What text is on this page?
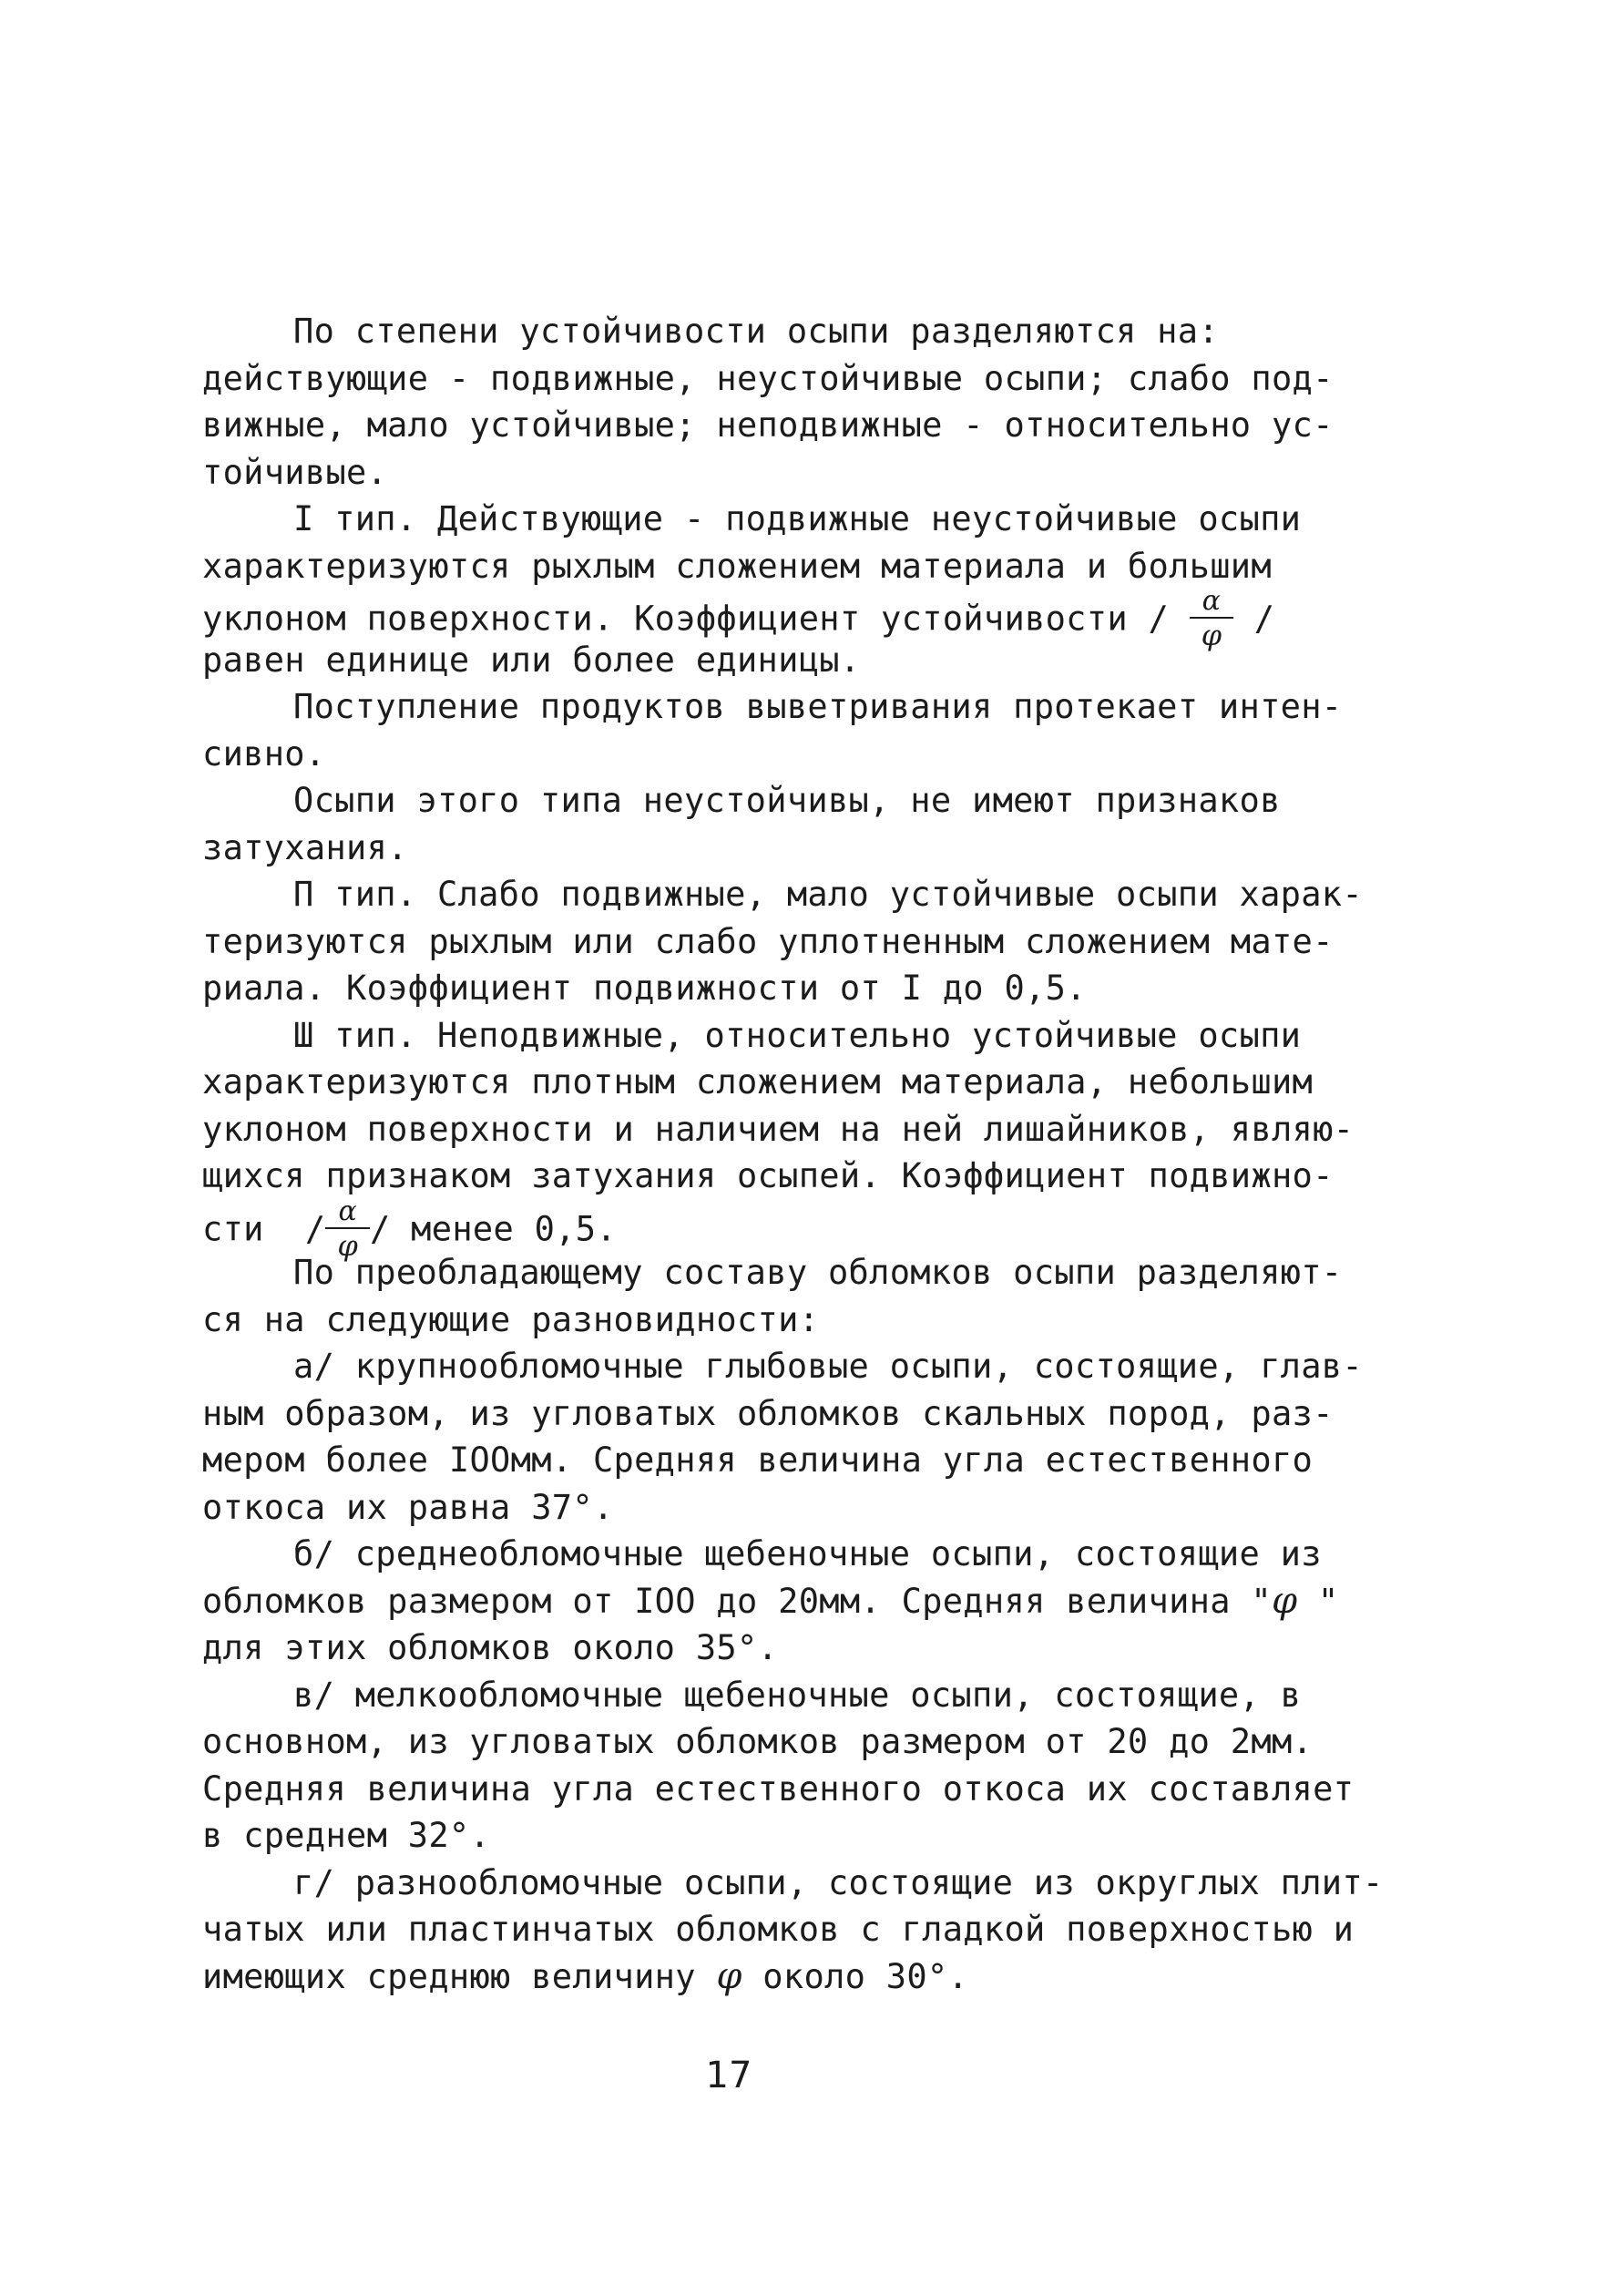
По степени устойчивости осыпи разделяются на:
действующие - подвижные, неустойчивые осыпи; слабо под-
вижные, мало устойчивые; неподвижные - относительно ус-
тойчивые.
I тип. Действующие - подвижные неустойчивые осыпи
характеризуются рыхлым сложением материала и большим
уклоном поверхности. Коэффициент устойчивости / $\frac{\alpha}{\varphi}$ /
равен единице или более единицы.
Поступление продуктов выветривания протекает интен-
сивно.
Осыпи этого типа неустойчивы, не имеют признаков
затухания.
П тип. Слабо подвижные, мало устойчивые осыпи харак-
теризуются рыхлым или слабо уплотненным сложением мате-
риала. Коэффициент подвижности от I до 0,5.
Ш тип. Неподвижные, относительно устойчивые осыпи
характеризуются плотным сложением материала, небольшим
уклоном поверхности и наличием на ней лишайников, являю-
щихся признаком затухания осыпей. Коэффициент подвижно-
сти  / $\frac{\alpha}{\varphi}$ / менее 0,5.
По преобладающему составу обломков осыпи разделяют-
ся на следующие разновидности:
а/ крупнообломочные глыбовые осыпи, состоящие, глав-
ным образом, из угловатых обломков скальных пород, раз-
мером более IOOмм. Средняя величина угла естественного
откоса их равна 37°.
б/ среднеобломочные щебеночные осыпи, состоящие из
обломков размером от IOO до 20мм. Средняя величина "φ "
для этих обломков около 35°.
в/ мелкообломочные щебеночные осыпи, состоящие, в
основном, из угловатых обломков размером от 20 до 2мм.
Средняя величина угла естественного откоса их составляет
в среднем 32°.
г/ разнообломочные осыпи, состоящие из округлых плит-
чатых или пластинчатых обломков с гладкой поверхностью и
имеющих среднюю величину φ около 30°.
17
